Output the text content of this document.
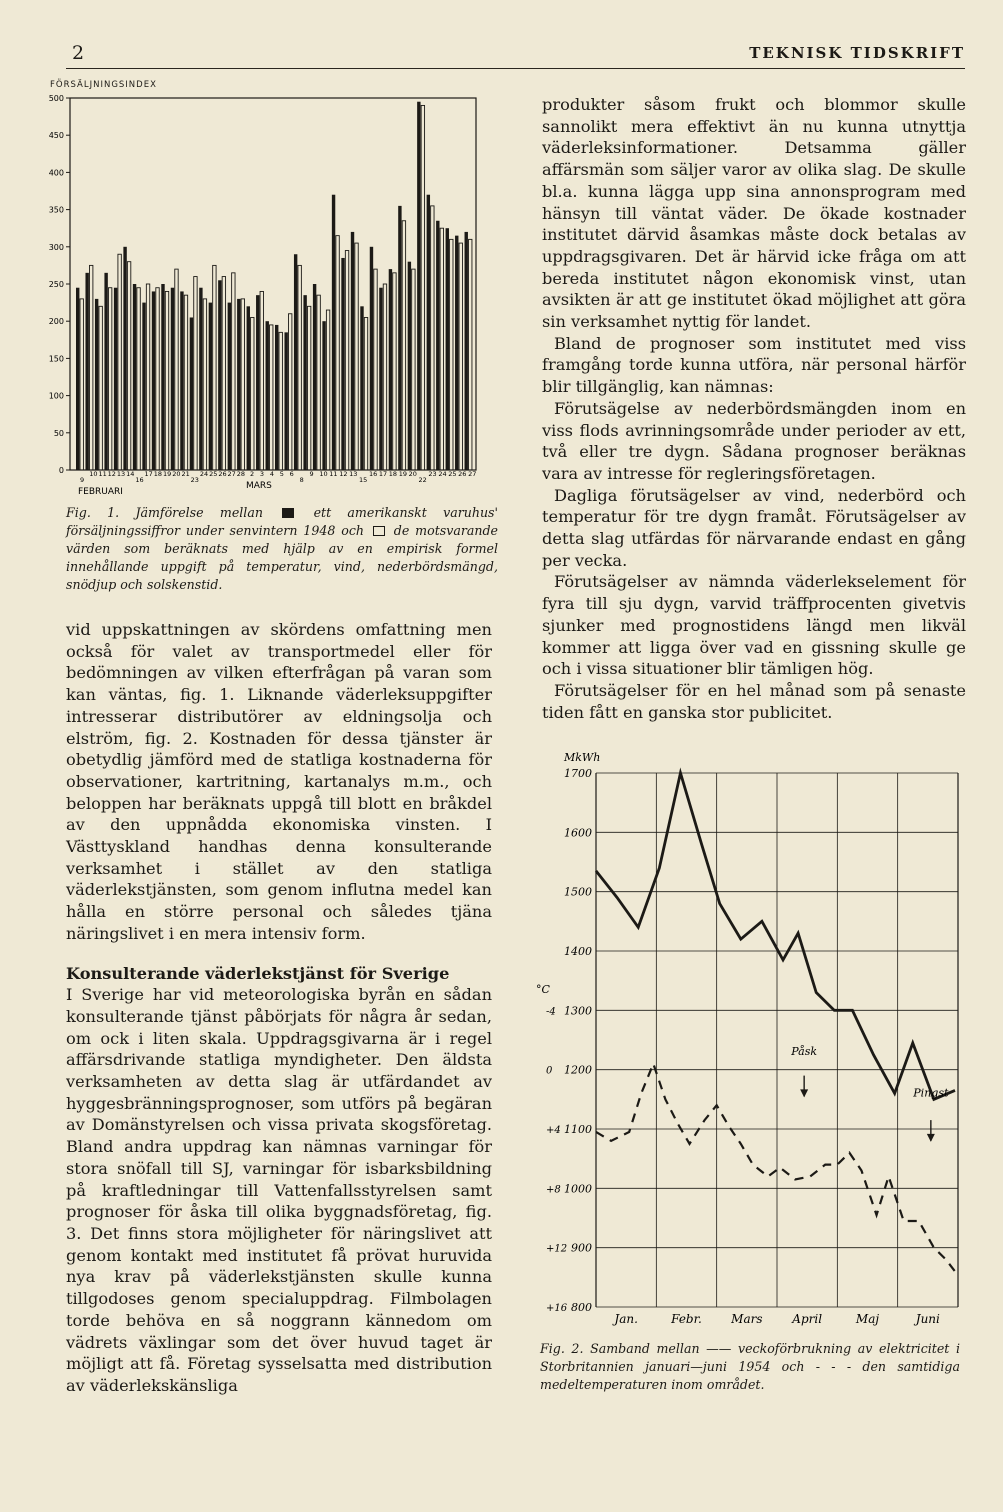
2	TEKNISK TIDSKRIFT
FÖRSÄLJNINGSINDEX
0
50
100
150
200
250
300
350
400
450
500
9
10 11 12 13 14
16
17 18 19 20 21
23
24 25 26 27 28 2 3 4 5 6
8
9 10 11 12 13
15
16 17 18 19 20
22
23 24 25 26 27
FEBRUARI
MARS
Fig. 1. Jämförelse mellan	ett amerikanskt varuhus' försäljningssiffror under senvintern 1948 och de motsvarande värden som beräknats med hjälp av en empirisk formel innehållande uppgift på temperatur, vind, nederbördsmängd, snödjup och solskenstid.

vid uppskattningen av skördens omfattning men också för valet av transportmedel eller för bedömningen av vilken efterfrågan på varan som kan väntas, fig. 1. Liknande väderleksuppgifter intresserar distributörer av eldningsolja och elström, fig. 2. Kostnaden för dessa tjänster är obetydlig jämförd med de statliga kostnaderna för observationer, kartritning, kartanalys m.m., och beloppen har beräknats uppgå till blott en bråkdel av den uppnådda ekonomiska vinsten. I Västtyskland handhas denna konsulterande verksamhet i stället av den statliga väderlekstjänsten, som genom influtna medel kan hålla en större personal och således tjäna näringslivet i en mera intensiv form.

Konsulterande väderlekstjänst för Sverige

I Sverige har vid meteorologiska byrån en sådan konsulterande tjänst påbörjats för några år sedan, om ock i liten skala. Uppdragsgivarna är i regel affärsdrivande statliga myndigheter. Den äldsta verksamheten av detta slag är utfärdandet av hyggesbränningsprognoser, som utförs på begäran av Domänstyrelsen och vissa privata skogsföretag. Bland andra uppdrag kan nämnas varningar för stora snöfall till SJ, varningar för isbarksbildning på kraftledningar till Vattenfallsstyrelsen samt prognoser för åska till olika byggnadsföretag, fig. 3. Det finns stora möjligheter för näringslivet att genom kontakt med institutet få prövat huruvida nya krav på väderlekstjänsten skulle kunna tillgodoses genom specialuppdrag. Filmbolagen torde behöva en så noggrann kännedom om vädrets växlingar som det över huvud taget är möjligt att få. Företag sysselsatta med distribution av väderlekskänsliga

produkter såsom frukt och blommor skulle sannolikt mera effektivt än nu kunna utnyttja väderleksinformationer. Detsamma gäller affärsmän som säljer varor av olika slag. De skulle bl.a. kunna lägga upp sina annonsprogram med hänsyn till väntat väder. De ökade kostnader institutet därvid åsamkas måste dock betalas av uppdragsgivaren. Det är härvid icke fråga om att bereda institutet någon ekonomisk vinst, utan avsikten är att ge institutet ökad möjlighet att göra sin verksamhet nyttig för landet.

Bland de prognoser som institutet med viss framgång torde kunna utföra, när personal härför blir tillgänglig, kan nämnas:

Förutsägelse av nederbördsmängden inom en viss flods avrinningsområde under perioder av ett, två eller tre dygn. Sådana prognoser beräknas vara av intresse för regleringsföretagen.

Dagliga förutsägelser av vind, nederbörd och temperatur för tre dygn framåt. Förutsägelser av detta slag utfärdas för närvarande endast en gång per vecka.

Förutsägelser av nämnda väderlekselement för fyra till sju dygn, varvid träffprocenten givetvis sjunker med prognostidens längd men likväl kommer att ligga över vad en gissning skulle ge och i vissa situationer blir tämligen hög.

Förutsägelser för en hel månad som på senaste tiden fått en ganska stor publicitet.

800
900
1000
1100
1200
1300
1400
1500
1600
1700
+16
+12
+8
+4
0
-4
MkWh
°C
Jan.	Febr. Mars April	Maj	Juni
Påsk
Pingst
Fig. 2. Samband mellan —— veckoförbrukning av elektricitet i Storbritannien januari—juni 1954 och - - - den samtidiga medeltemperaturen inom området.
